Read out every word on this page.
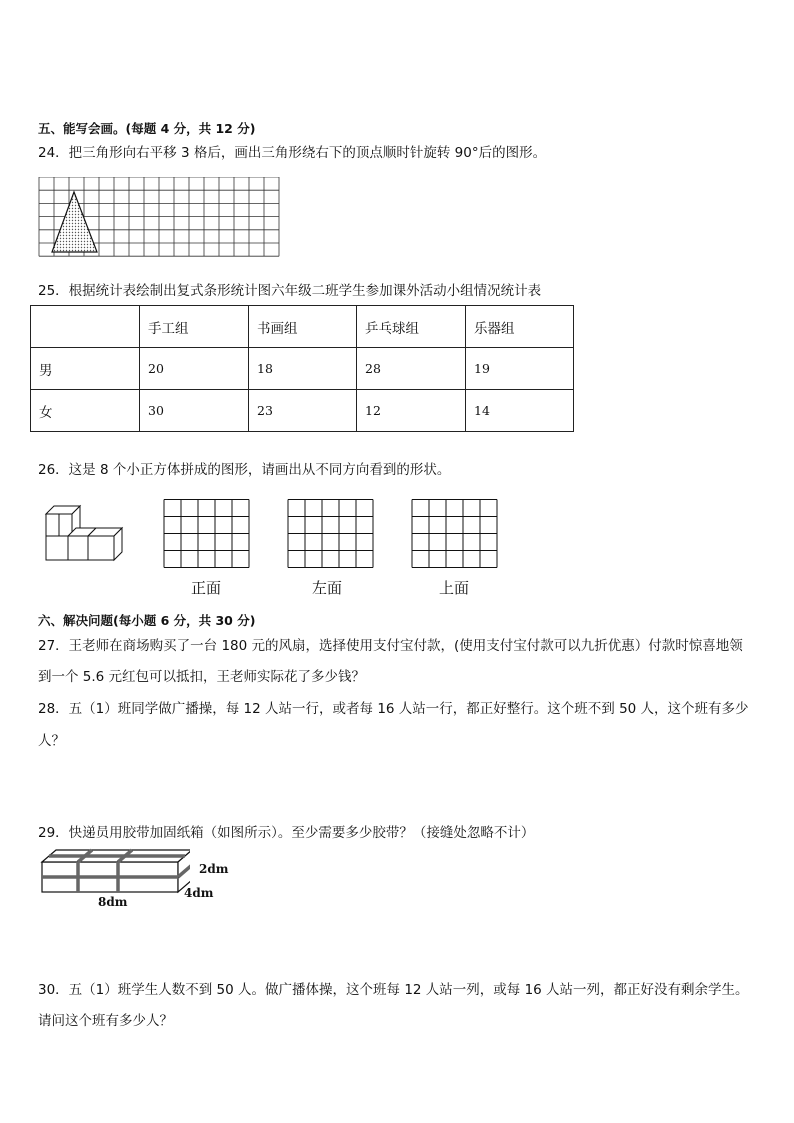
五、能写会画。(每题 4 分，共 12 分)
24．把三角形向右平移 3 格后，画出三角形绕右下的顶点顺时针旋转 90°后的图形。
25．根据统计表绘制出复式条形统计图六年级二班学生参加课外活动小组情况统计表
	手工组	书画组	乒乓球组	乐器组
男	20	18	28	19
女	30	23	12	14
26．这是 8 个小正方体拼成的图形，请画出从不同方向看到的形状。
正面	左面	上面
六、解决问题(每小题 6 分，共 30 分)
27．王老师在商场购买了一台 180 元的风扇，选择使用支付宝付款，(使用支付宝付款可以九折优惠）付款时惊喜地领
到一个 5.6 元红包可以抵扣，王老师实际花了多少钱？
28．五（1）班同学做广播操，每 12 人站一行，或者每 16 人站一行，都正好整行。这个班不到 50 人，这个班有多少
人？
29．快递员用胶带加固纸箱（如图所示）。至少需要多少胶带？（接缝处忽略不计）
2dm
4dm
8dm
30．五（1）班学生人数不到 50 人。做广播体操，这个班每 12 人站一列，或每 16 人站一列，都正好没有剩余学生。
请问这个班有多少人？
